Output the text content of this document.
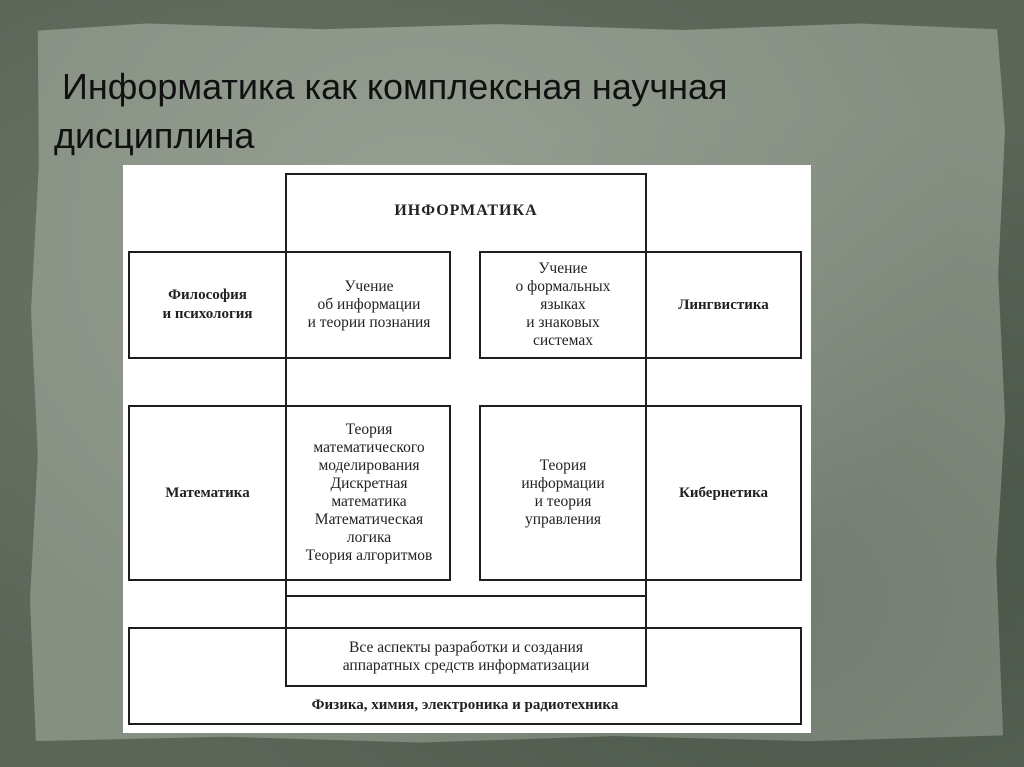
Информатика как комплексная научная дисциплина
ИНФОРМАТИКА
Философия
и психология
Учение
об информации
и теории познания
Учение
о формальных
языках
и знаковых
системах
Лингвистика
Математика
Теория
математического
моделирования
Дискретная
математика
Математическая
логика
Теория алгоритмов
Теория
информации
и теория
управления
Кибернетика
Все аспекты разработки и создания
аппаратных средств информатизации
Физика, химия, электроника и радиотехника
